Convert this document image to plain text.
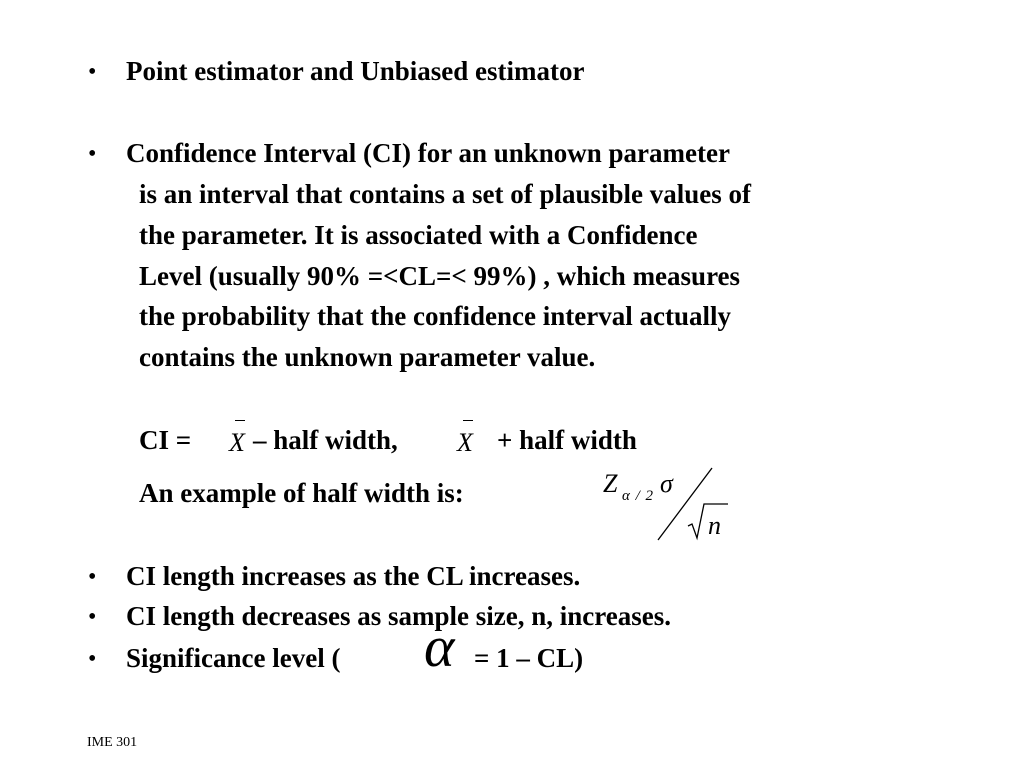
• Point estimator and Unbiased estimator
• Confidence Interval (CI) for an unknown parameter
is an interval that contains a set of plausible values of
the parameter. It is associated with a Confidence
Level (usually 90% =<CL=< 99%) , which measures
the probability that the confidence interval actually
contains the unknown parameter value.
CI = X – half width, X + half width
An example of half width is:	Z α / 2 σ
n
• CI length increases as the CL increases.
• CI length decreases as sample size, n, increases.
• Significance level ( α = 1 – CL)
IME 301
